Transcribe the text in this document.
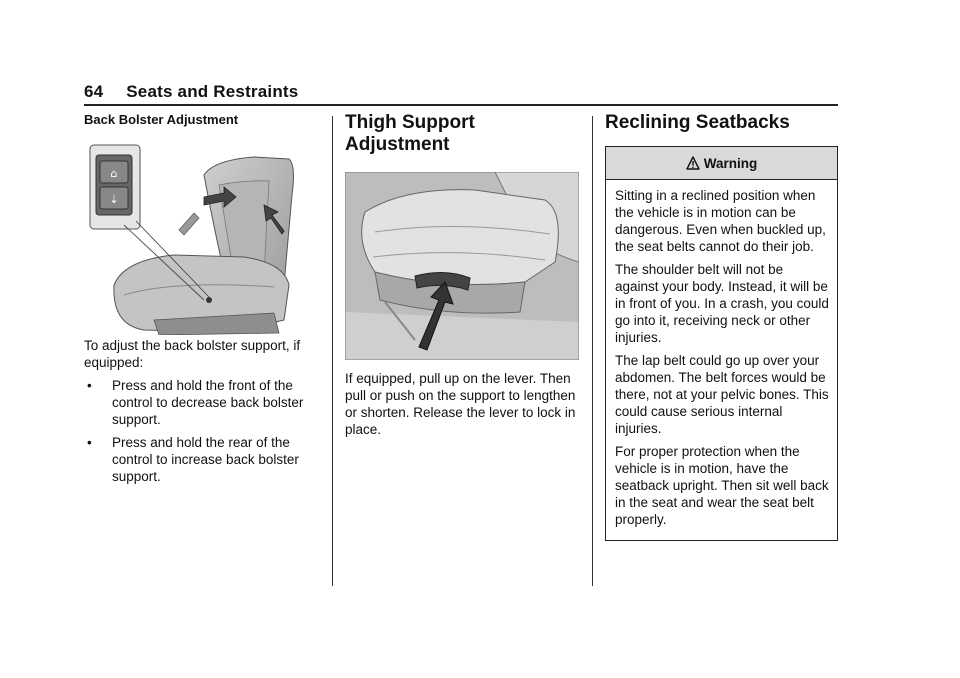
64 Seats and Restraints
Back Bolster Adjustment
⌂
⇣

To adjust the back bolster support, if equipped:

•	Press and hold the front of the control to decrease back bolster support.
•	Press and hold the rear of the control to increase back bolster support.
Thigh Support Adjustment

If equipped, pull up on the lever. Then pull or push on the support to lengthen or shorten. Release the lever to lock in place.

Reclining Seatbacks
Warning

Sitting in a reclined position when the vehicle is in motion can be dangerous. Even when buckled up, the seat belts cannot do their job.

The shoulder belt will not be against your body. Instead, it will be in front of you. In a crash, you could go into it, receiving neck or other injuries.

The lap belt could go up over your abdomen. The belt forces would be there, not at your pelvic bones. This could cause serious internal injuries.

For proper protection when the vehicle is in motion, have the seatback upright. Then sit well back in the seat and wear the seat belt properly.
